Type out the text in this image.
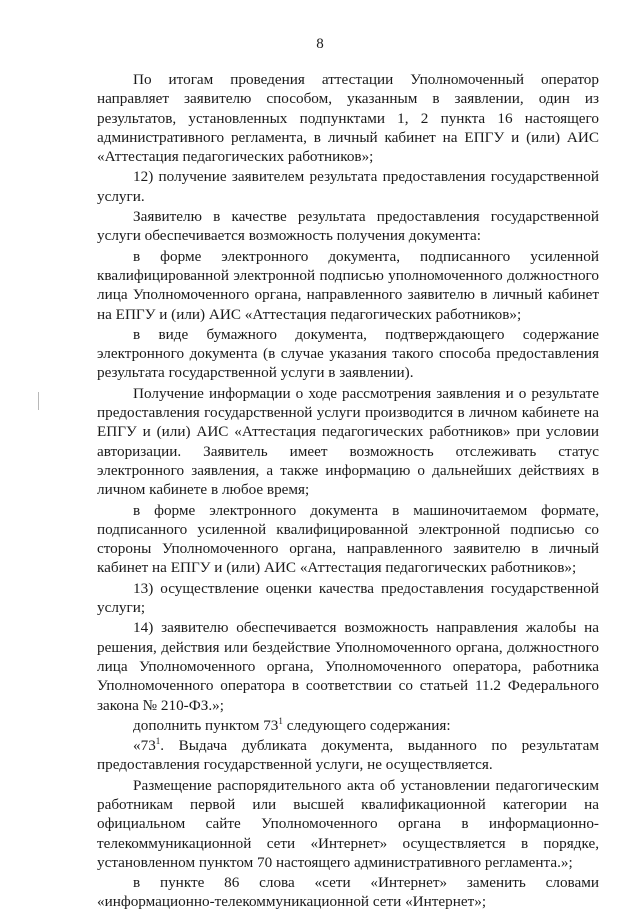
8

По итогам проведения аттестации Уполномоченный оператор направляет заявителю способом, указанным в заявлении, один из результатов, установленных подпунктами 1, 2 пункта 16 настоящего административного регламента, в личный кабинет на ЕПГУ и (или) АИС «Аттестация педагогических работников»;

12) получение заявителем результата предоставления государственной услуги.

Заявителю в качестве результата предоставления государственной услуги обеспечивается возможность получения документа:

в форме электронного документа, подписанного усиленной квалифицированной электронной подписью уполномоченного должностного лица Уполномоченного органа, направленного заявителю в личный кабинет на ЕПГУ и (или) АИС «Аттестация педагогических работников»;

в виде бумажного документа, подтверждающего содержание электронного документа (в случае указания такого способа предоставления результата государственной услуги в заявлении).

Получение информации о ходе рассмотрения заявления и о результате предоставления государственной услуги производится в личном кабинете на ЕПГУ и (или) АИС «Аттестация педагогических работников» при условии авторизации. Заявитель имеет возможность отслеживать статус электронного заявления, а также информацию о дальнейших действиях в личном кабинете в любое время;

в форме электронного документа в машиночитаемом формате, подписанного усиленной квалифицированной электронной подписью со стороны Уполномоченного органа, направленного заявителю в личный кабинет на ЕПГУ и (или) АИС «Аттестация педагогических работников»;

13) осуществление оценки качества предоставления государственной услуги;

14) заявителю обеспечивается возможность направления жалобы на решения, действия или бездействие Уполномоченного органа, должностного лица Уполномоченного органа, Уполномоченного оператора, работника Уполномоченного оператора в соответствии со статьей 11.2 Федерального закона № 210-ФЗ.»;

дополнить пунктом $73^1$ следующего содержания:

«$73^1$. Выдача дубликата документа, выданного по результатам предоставления государственной услуги, не осуществляется.

Размещение распорядительного акта об установлении педагогическим работникам первой или высшей квалификационной категории на официальном сайте Уполномоченного органа в информационно-телекоммуникационной сети «Интернет» осуществляется в порядке, установленном пунктом 70 настоящего административного регламента.»;

в пункте 86 слова «сети «Интернет» заменить словами «информационно-телекоммуникационной сети «Интернет»;
